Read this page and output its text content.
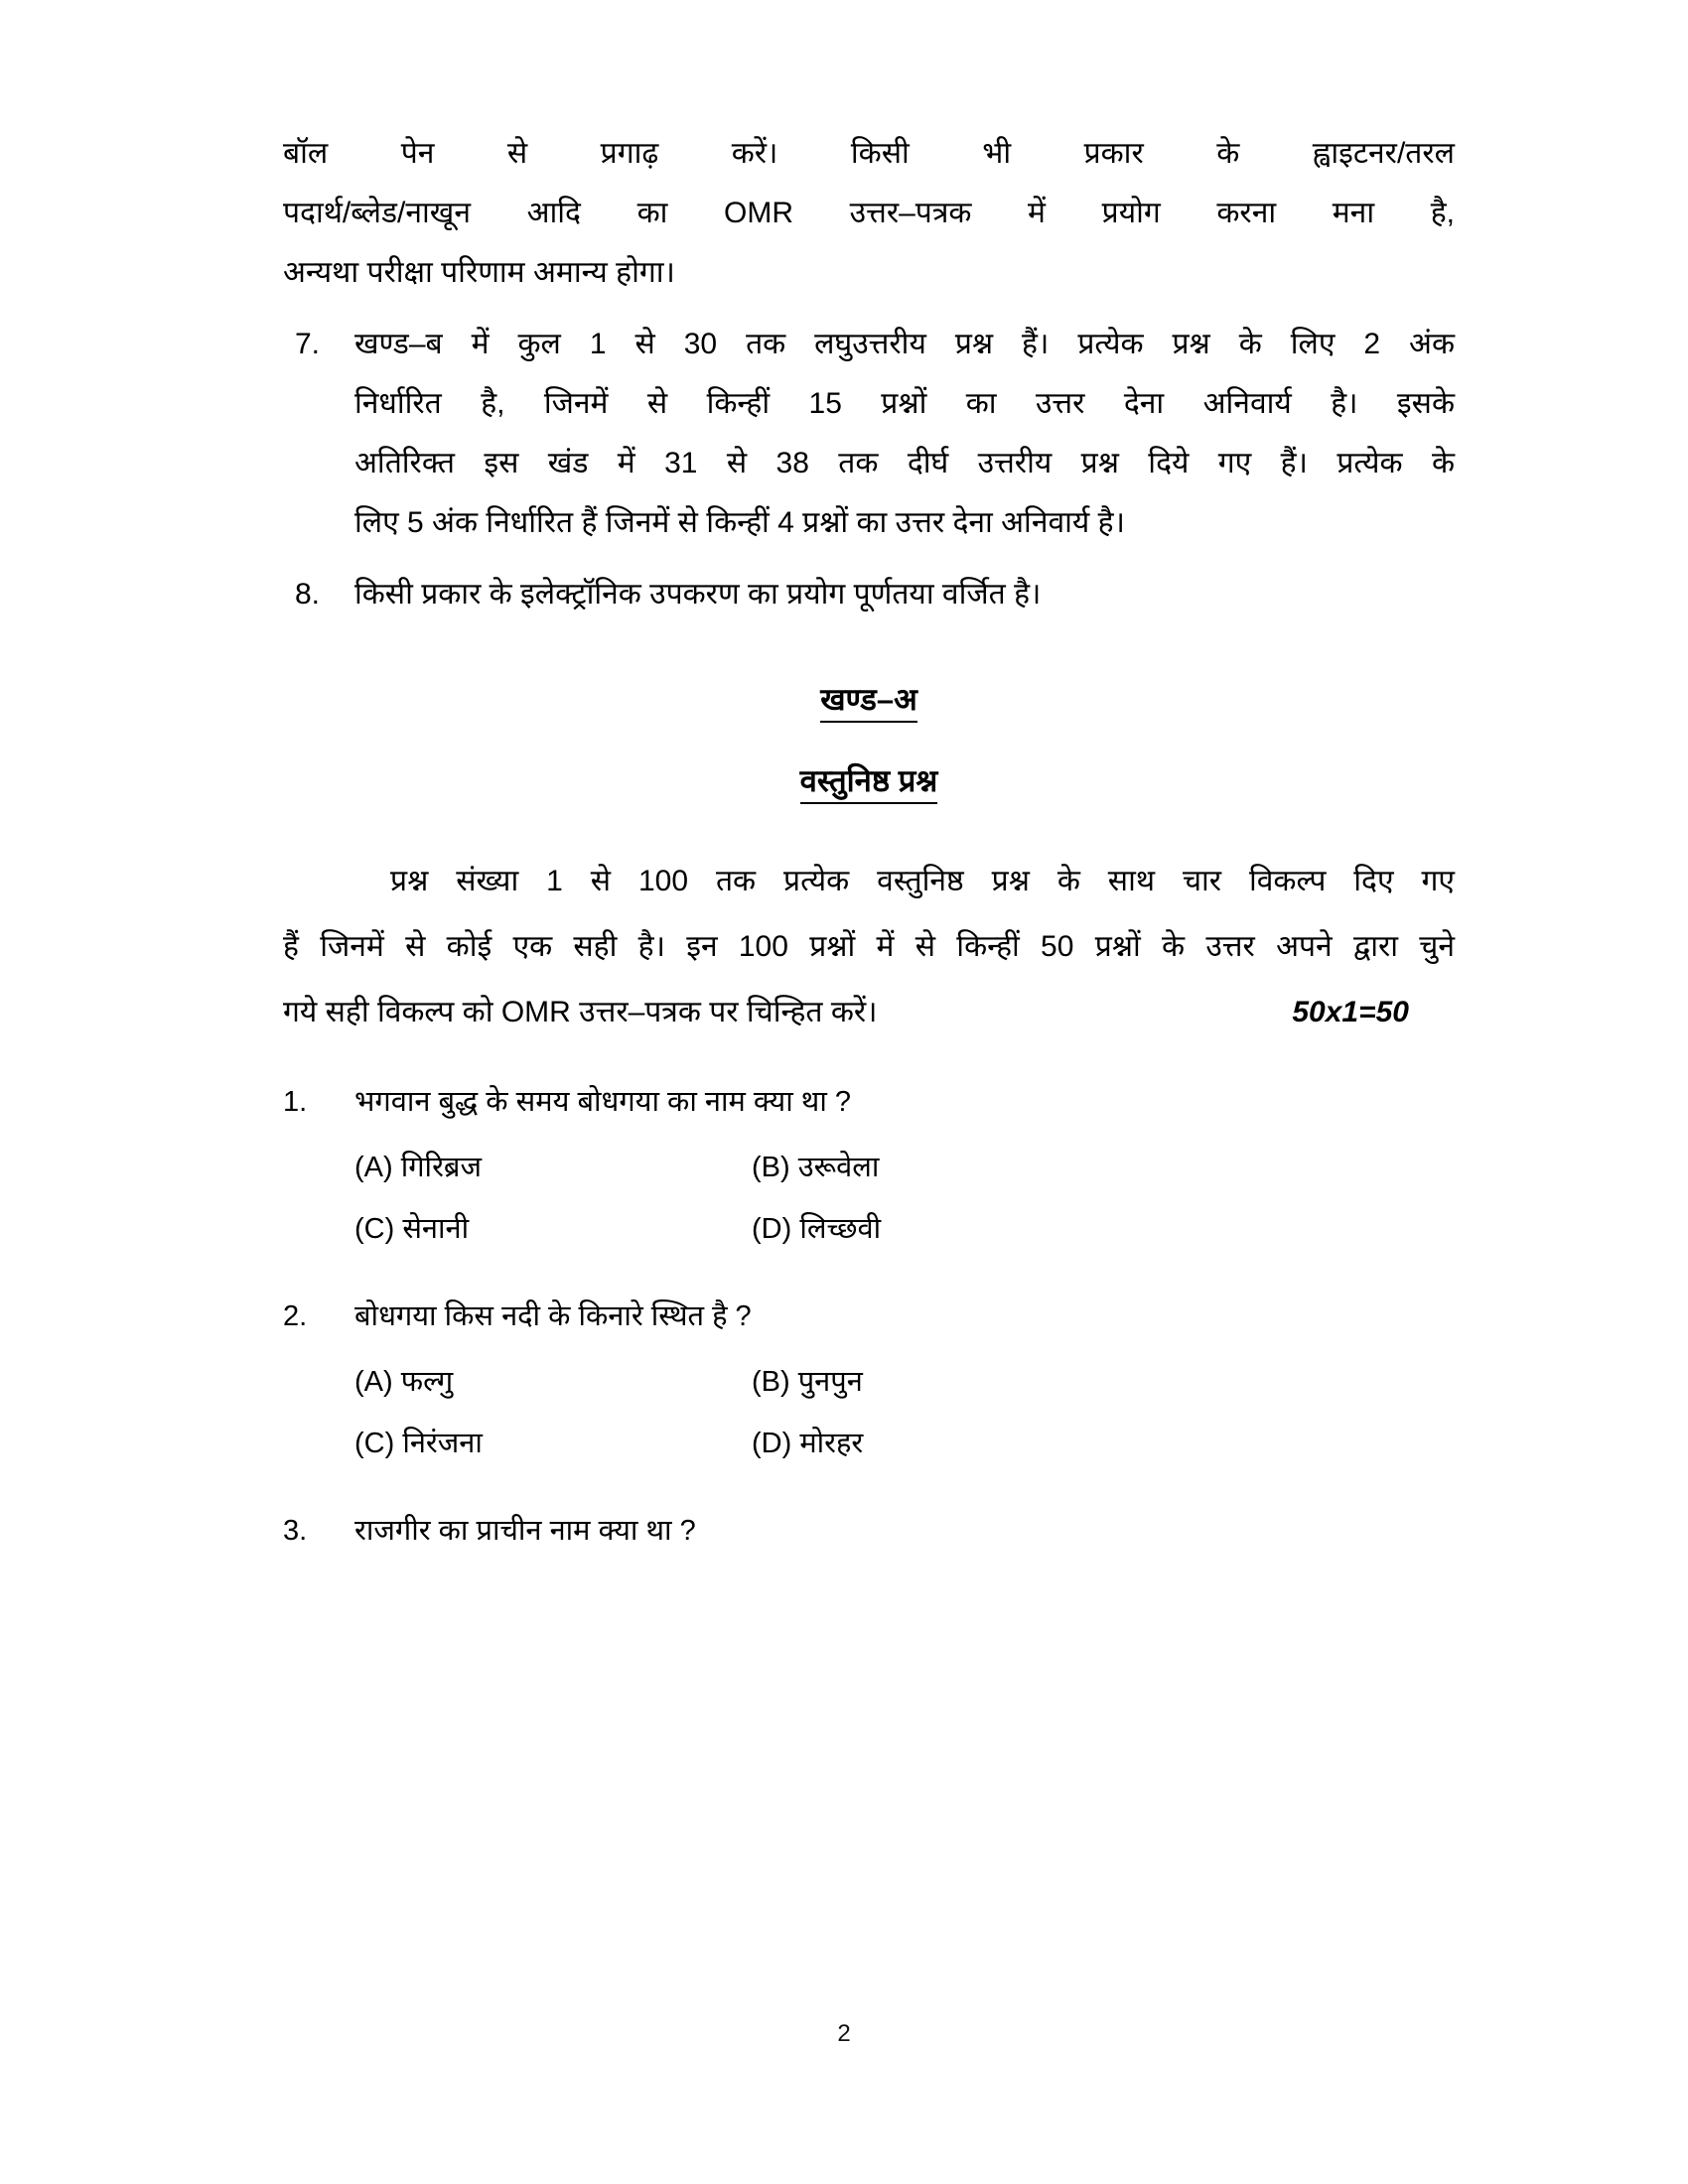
बॉल पेन से प्रगाढ़ करें। किसी भी प्रकार के ह्वाइटनर/तरल
पदार्थ/ब्लेड/नाखून आदि का OMR उत्तर–पत्रक में प्रयोग करना मना है,
अन्यथा परीक्षा परिणाम अमान्य होगा।
7.	खण्ड–ब में कुल 1 से 30 तक लघुउत्तरीय प्रश्न हैं। प्रत्येक प्रश्न के लिए 2 अंक
निर्धारित है, जिनमें से किन्हीं 15 प्रश्नों का उत्तर देना अनिवार्य है। इसके
अतिरिक्त इस खंड में 31 से 38 तक दीर्घ उत्तरीय प्रश्न दिये गए हैं। प्रत्येक के
लिए 5 अंक निर्धारित हैं जिनमें से किन्हीं 4 प्रश्नों का उत्तर देना अनिवार्य है।
8.	किसी प्रकार के इलेक्ट्रॉनिक उपकरण का प्रयोग पूर्णतया वर्जित है।
खण्ड–अ
वस्तुनिष्ठ प्रश्न
प्रश्न संख्या 1 से 100 तक प्रत्येक वस्तुनिष्ठ प्रश्न के साथ चार विकल्प दिए गए
हैं जिनमें से कोई एक सही है। इन 100 प्रश्नों में से किन्हीं 50 प्रश्नों के उत्तर अपने द्वारा चुने
गये सही विकल्प को OMR उत्तर–पत्रक पर चिन्हित करें।	50x1=50
1.	भगवान बुद्ध के समय बोधगया का नाम क्या था ?
(A) गिरिब्रज	(B) उरूवेला
(C) सेनानी	(D) लिच्छवी
2.	बोधगया किस नदी के किनारे स्थित है ?
(A) फल्गु	(B) पुनपुन
(C) निरंजना	(D) मोरहर
3.	राजगीर का प्राचीन नाम क्या था ?
2
